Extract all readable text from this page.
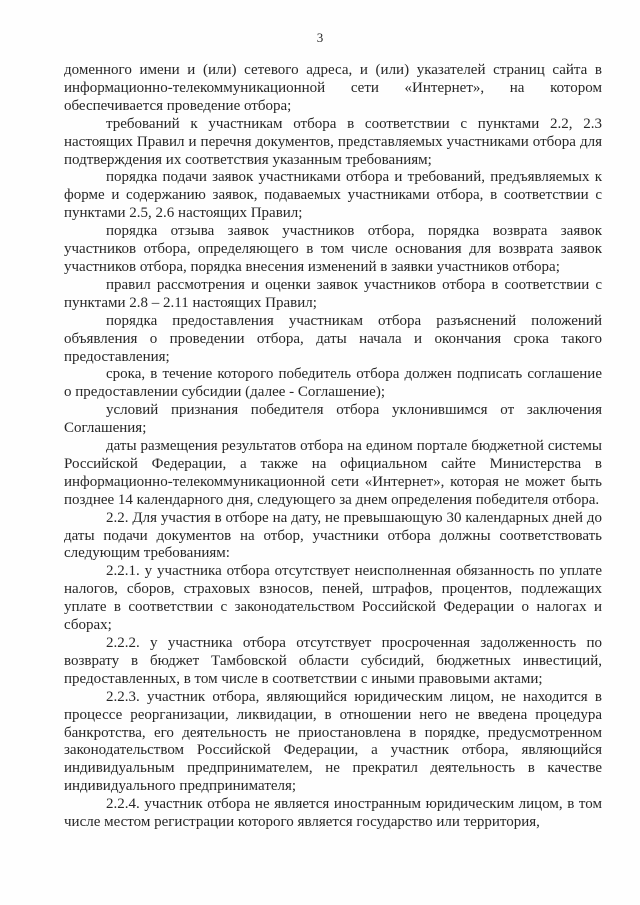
3

доменного имени и (или) сетевого адреса, и (или) указателей страниц сайта в информационно-телекоммуникационной сети «Интернет», на котором обеспечивается проведение отбора;

требований к участникам отбора в соответствии с пунктами 2.2, 2.3 настоящих Правил и перечня документов, представляемых участниками отбора для подтверждения их соответствия указанным требованиям;

порядка подачи заявок участниками отбора и требований, предъявляемых к форме и содержанию заявок, подаваемых участниками отбора, в соответствии с пунктами 2.5, 2.6 настоящих Правил;

порядка отзыва заявок участников отбора, порядка возврата заявок участников отбора, определяющего в том числе основания для возврата заявок участников отбора, порядка внесения изменений в заявки участников отбора;

правил рассмотрения и оценки заявок участников отбора в соответствии с пунктами 2.8 – 2.11 настоящих Правил;

порядка предоставления участникам отбора разъяснений положений объявления о проведении отбора, даты начала и окончания срока такого предоставления;

срока, в течение которого победитель отбора должен подписать соглашение о предоставлении субсидии (далее - Соглашение);

условий признания победителя отбора уклонившимся от заключения Соглашения;

даты размещения результатов отбора на едином портале бюджетной системы Российской Федерации, а также на официальном сайте Министерства в информационно-телекоммуникационной сети «Интернет», которая не может быть позднее 14 календарного дня, следующего за днем определения победителя отбора.

2.2. Для участия в отборе на дату, не превышающую 30 календарных дней до даты подачи документов на отбор, участники отбора должны соответствовать следующим требованиям:

2.2.1. у участника отбора отсутствует неисполненная обязанность по уплате налогов, сборов, страховых взносов, пеней, штрафов, процентов, подлежащих уплате в соответствии с законодательством Российской Федерации о налогах и сборах;

2.2.2. у участника отбора отсутствует просроченная задолженность по возврату в бюджет Тамбовской области субсидий, бюджетных инвестиций, предоставленных, в том числе в соответствии с иными правовыми актами;

2.2.3. участник отбора, являющийся юридическим лицом, не находится в процессе реорганизации, ликвидации, в отношении него не введена процедура банкротства, его деятельность не приостановлена в порядке, предусмотренном законодательством Российской Федерации, а участник отбора, являющийся индивидуальным предпринимателем, не прекратил деятельность в качестве индивидуального предпринимателя;

2.2.4. участник отбора не является иностранным юридическим лицом, в том числе местом регистрации которого является государство или территория,
